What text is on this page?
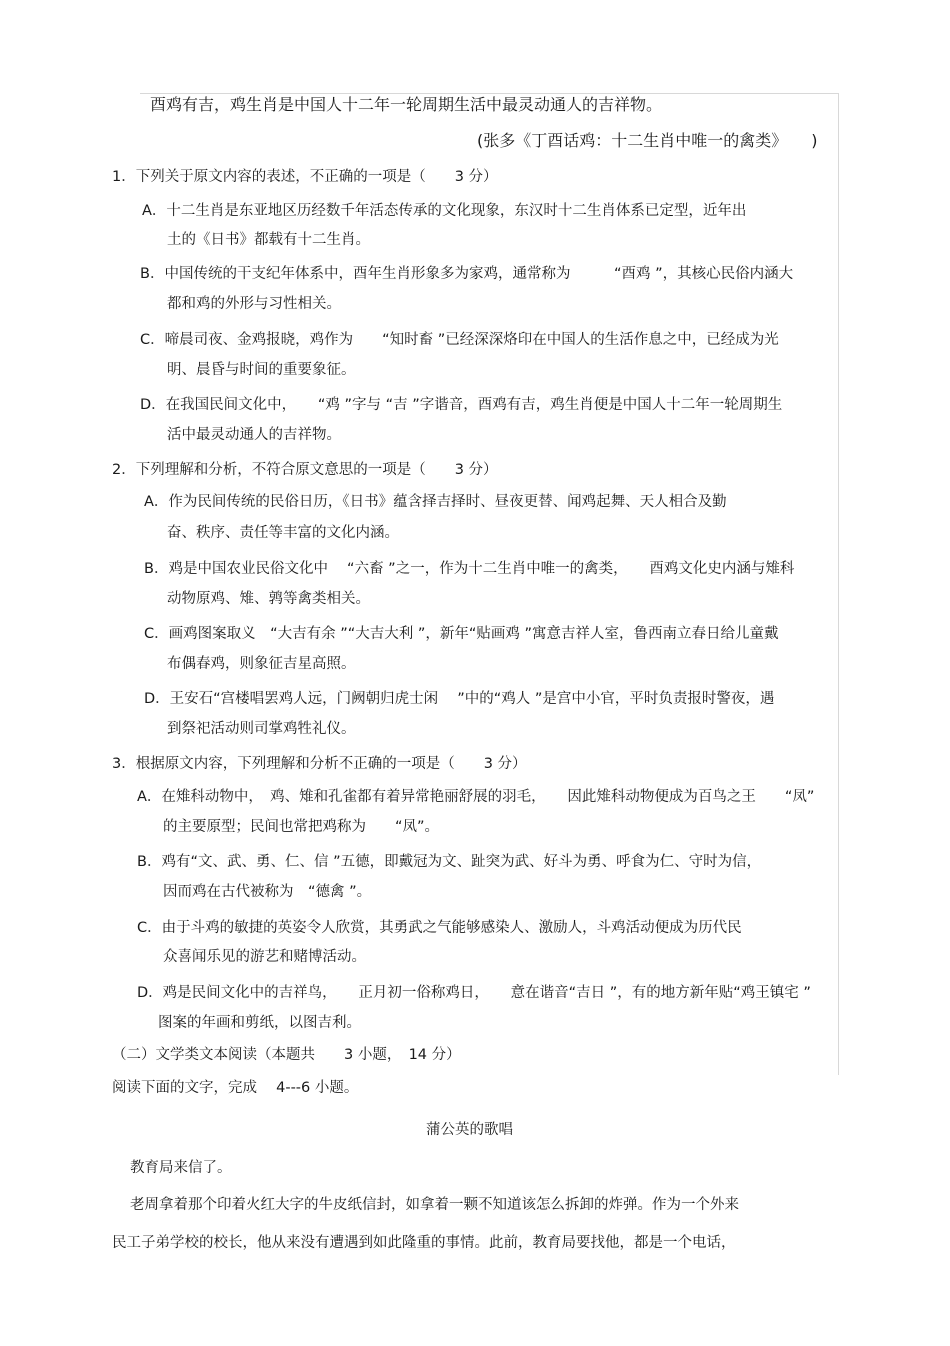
酉鸡有吉，鸡生肖是中国人十二年一轮周期生活中最灵动通人的吉祥物。
(张多《丁酉话鸡：十二生肖中唯一的禽类》　　)
1．下列关于原文内容的表述，不正确的一项是（　　3 分）
A．十二生肖是东亚地区历经数千年活态传承的文化现象，东汉时十二生肖体系已定型，近年出
土的《日书》都载有十二生肖。
B．中国传统的干支纪年体系中，酉年生肖形象多为家鸡，通常称为　　　“酉鸡 ”，其核心民俗内涵大
都和鸡的外形与习性相关。
C．啼晨司夜、金鸡报晓，鸡作为　　“知时畜 ”已经深深烙印在中国人的生活作息之中，已经成为光
明、晨昏与时间的重要象征。
D．在我国民间文化中，　　“鸡 ”字与 “吉 ”字谐音，酉鸡有吉，鸡生肖便是中国人十二年一轮周期生
活中最灵动通人的吉祥物。
2．下列理解和分析，不符合原文意思的一项是（　　3 分）
A．作为民间传统的民俗日历，《日书》蕴含择吉择时、昼夜更替、闻鸡起舞、天人相合及勤
奋、秩序、责任等丰富的文化内涵。
B．鸡是中国农业民俗文化中　 “六畜 ”之一，作为十二生肖中唯一的禽类，　　酉鸡文化史内涵与雉科
动物原鸡、雉、鹑等禽类相关。
C．画鸡图案取义　“大吉有余 ”“大吉大利 ”，新年“贴画鸡 ”寓意吉祥人室，鲁西南立春日给儿童戴
布偶春鸡，则象征吉星高照。
D．王安石“宫楼唱罢鸡人远，门阙朝归虎士闲　 ”中的“鸡人 ”是宫中小官，平时负责报时警夜，遇
到祭祀活动则司掌鸡牲礼仪。
3．根据原文内容，下列理解和分析不正确的一项是（　　3 分）
A．在雉科动物中，　鸡、雉和孔雀都有着异常艳丽舒展的羽毛，　　因此雉科动物便成为百鸟之王　　“凤”
的主要原型；民间也常把鸡称为　　“凤”。
B．鸡有“文、武、勇、仁、信 ”五德，即戴冠为文、趾突为武、好斗为勇、呼食为仁、守时为信，
因而鸡在古代被称为　“德禽 ”。
C．由于斗鸡的敏捷的英姿令人欣赏，其勇武之气能够感染人、激励人，斗鸡活动便成为历代民
众喜闻乐见的游艺和赌博活动。
D．鸡是民间文化中的吉祥鸟，　　正月初一俗称鸡日，　　意在谐音“吉日 ”，有的地方新年贴“鸡王镇宅 ”
图案的年画和剪纸，以图吉利。
（二）文学类文本阅读（本题共　　3 小题，　14 分）
阅读下面的文字，完成　 4---6 小题。
蒲公英的歌唱
教育局来信了。
老周拿着那个印着火红大字的牛皮纸信封，如拿着一颗不知道该怎么拆卸的炸弹。作为一个外来
民工子弟学校的校长，他从来没有遭遇到如此隆重的事情。此前，教育局要找他，都是一个电话，
